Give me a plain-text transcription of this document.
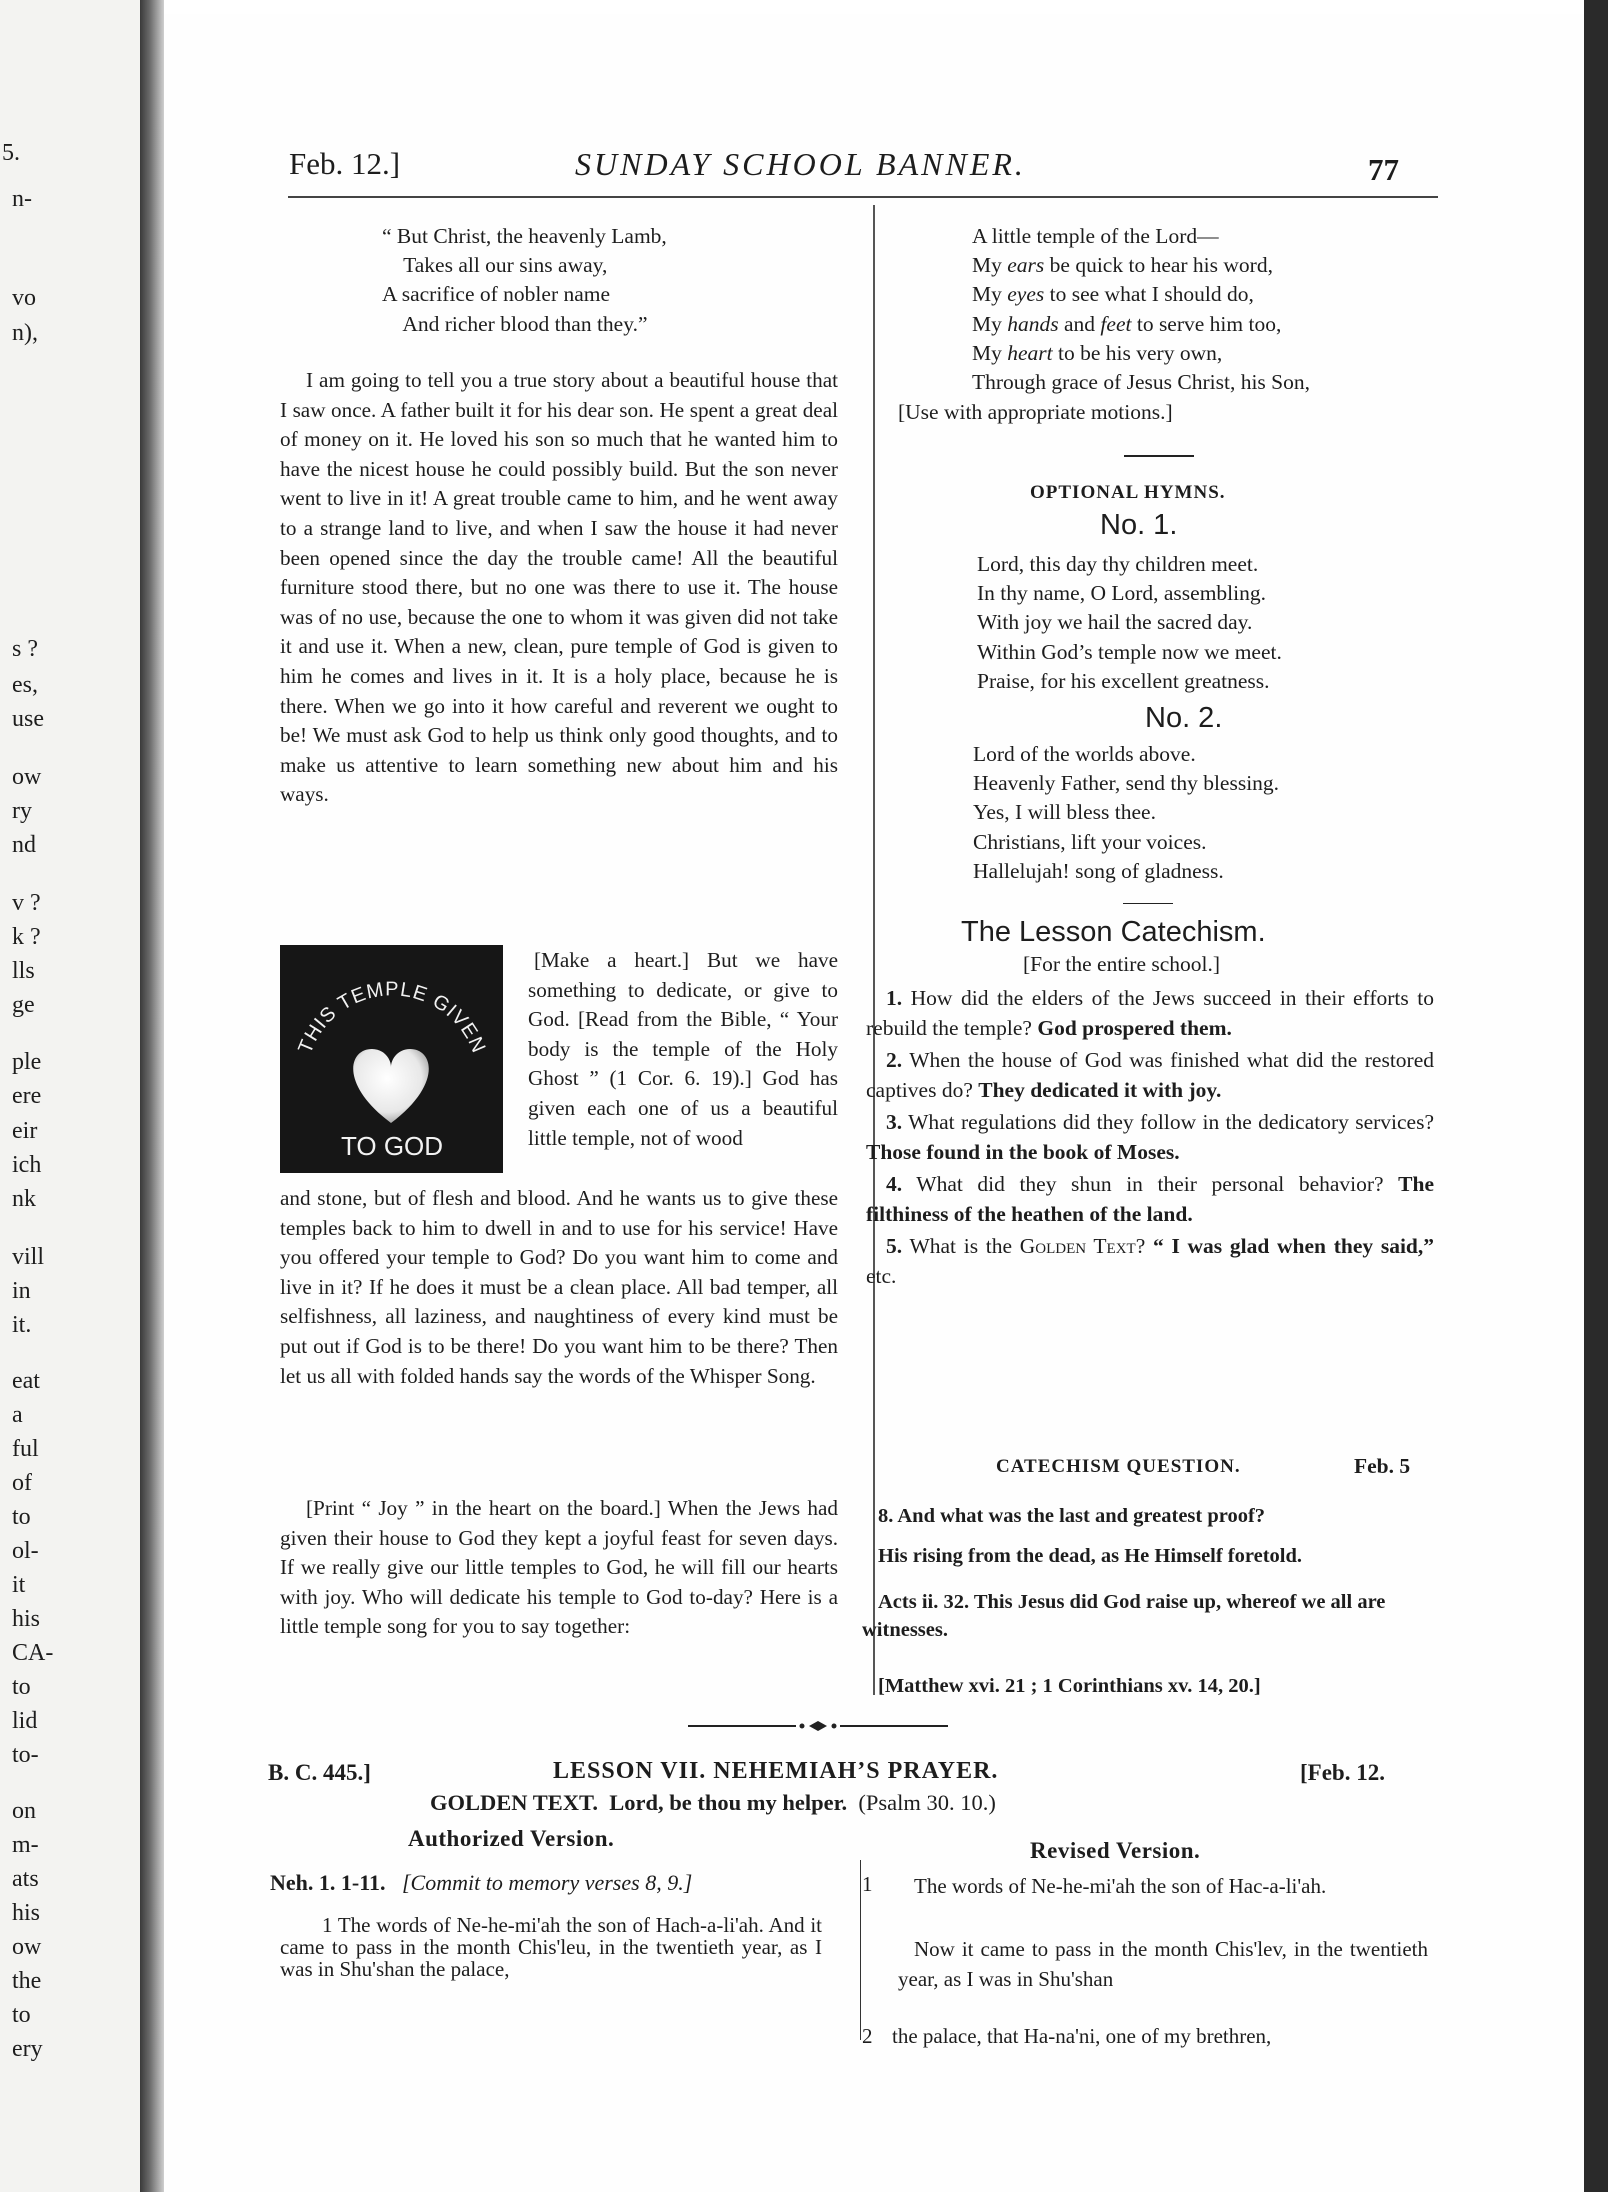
5.
n-
vo
n),
s ?
es,
use
ow
ry
nd
v ?
k ?
lls
ge
ple
ere
eir
ich
nk
vill
in
it.
eat
a
ful
of
to
ol-
it
his
CA-
to
lid
to-
on
m-
ats
his
ow
the
to
ery
Feb. 12.]	SUNDAY SCHOOL BANNER.	77
“ But Christ, the heavenly Lamb,
Takes all our sins away,
A sacrifice of nobler name
And richer blood than they.”

I am going to tell you a true story about a beautiful house that I saw once. A father built it for his dear son. He spent a great deal of money on it. He loved his son so much that he wanted him to have the nicest house he could possibly build. But the son never went to live in it! A great trouble came to him, and he went away to a strange land to live, and when I saw the house it had never been opened since the day the trouble came! All the beautiful furniture stood there, but no one was there to use it. The house was of no use, because the one to whom it was given did not take it and use it. When a new, clean, pure temple of God is given to him he comes and lives in it. It is a holy place, because he is there. When we go into it how careful and reverent we ought to be! We must ask God to help us think only good thoughts, and to make us attentive to learn something new about him and his ways.

THIS TEMPLE GIVEN
TO GOD

[Make a heart.] But we have something to dedicate, or give to God. [Read from the Bible, “ Your body is the temple of the Holy Ghost ” (1 Cor. 6. 19).] God has given each one of us a beautiful little temple, not of wood

and stone, but of flesh and blood. And he wants us to give these temples back to him to dwell in and to use for his service! Have you offered your temple to God? Do you want him to come and live in it? If he does it must be a clean place. All bad temper, all selfishness, all laziness, and naughtiness of every kind must be put out if God is to be there! Do you want him to be there? Then let us all with folded hands say the words of the Whisper Song.

[Print “ Joy ” in the heart on the board.] When the Jews had given their house to God they kept a joyful feast for seven days. If we really give our little temples to God, he will fill our hearts with joy. Who will dedicate his temple to God to-day? Here is a little temple song for you to say together:

A little temple of the Lord—
My ears be quick to hear his word,
My eyes to see what I should do,
My hands and feet to serve him too,
My heart to be his very own,
Through grace of Jesus Christ, his Son,
[Use with appropriate motions.]
OPTIONAL HYMNS.
No. 1.
Lord, this day thy children meet.
In thy name, O Lord, assembling.
With joy we hail the sacred day.
Within God’s temple now we meet.
Praise, for his excellent greatness.
No. 2.
Lord of the worlds above.
Heavenly Father, send thy blessing.
Yes, I will bless thee.
Christians, lift your voices.
Hallelujah! song of gladness.
The Lesson Catechism.
[For the entire school.]

1. How did the elders of the Jews succeed in their efforts to rebuild the temple? God prospered them.

2. When the house of God was finished what did the restored captives do? They dedicated it with joy.

3. What regulations did they follow in the dedicatory services? Those found in the book of Moses.

4. What did they shun in their personal behavior? The filthiness of the heathen of the land.

5. What is the Golden Text? “ I was glad when they said,” etc.

CATECHISM QUESTION.	Feb. 5
8. And what was the last and greatest proof?
His rising from the dead, as He Himself foretold.
Acts ii. 32. This Jesus did God raise up, whereof we all are witnesses.
[Matthew xvi. 21 ; 1 Corinthians xv. 14, 20.]
B. C. 445.]	LESSON VII. NEHEMIAH’S PRAYER.	[Feb. 12.
GOLDEN TEXT. Lord, be thou my helper. (Psalm 30. 10.)
Authorized Version.	Revised Version.
Neh. 1. 1-11. [Commit to memory verses 8, 9.]
1 The words of Ne-he-mi'ah the son of Hach-a-li'ah. And it came to pass in the month Chis'leu, in the twentieth year, as I was in Shu'shan the palace,
1	The words of Ne-he-mi'ah the son of Hac-a-li'ah.
Now it came to pass in the month Chis'lev, in the twentieth year, as I was in Shu'shan
2 the palace, that Ha-na'ni, one of my brethren,
